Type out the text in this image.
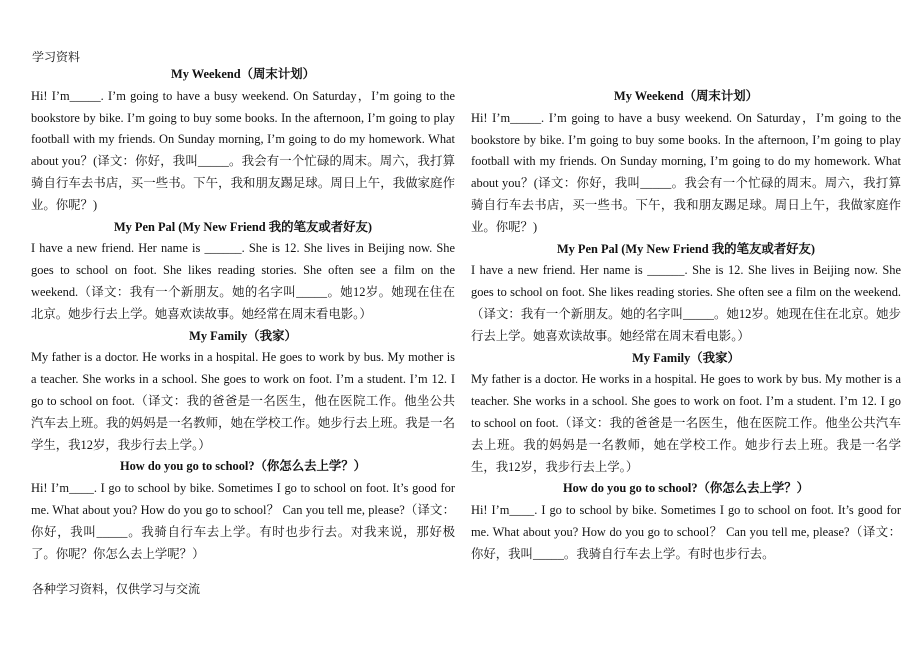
学习资料

My Weekend（周末计划）

Hi! I’m_____. I’m going to have a busy weekend. On Saturday，I’m going to the bookstore by bike. I’m going to buy some books. In the afternoon, I’m going to play football with my friends. On Sunday morning, I’m going to do my homework. What about you？(译文：你好，我叫_____。我会有一个忙碌的周末。周六，我打算骑自行车去书店，买一些书。下午，我和朋友踢足球。周日上午，我做家庭作业。你呢？)

My Pen Pal (My New Friend 我的笔友或者好友)

I have a new friend. Her name is ______. She is 12. She lives in Beijing now. She goes to school on foot. She likes reading stories. She often see a film on the weekend.（译文：我有一个新朋友。她的名字叫_____。她12岁。她现在住在北京。她步行去上学。她喜欢读故事。她经常在周末看电影。）

My Family（我家）

My father is a doctor. He works in a hospital. He goes to work by bus. My mother is a teacher. She works in a school. She goes to work on foot. I’m a student. I’m 12. I go to school on foot.（译文：我的爸爸是一名医生，他在医院工作。他坐公共汽车去上班。我的妈妈是一名教师，她在学校工作。她步行去上班。我是一名学生，我12岁，我步行去上学。）

How do you go to school?（你怎么去上学？）

Hi! I’m____. I go to school by bike. Sometimes I go to school on foot. It’s good for me. What about you? How do you go to school？ Can you tell me, please?（译文：你好，我叫_____。我骑自行车去上学。有时也步行去。对我来说，那好极了。你呢？你怎么去上学呢？）

My Weekend（周末计划）

Hi! I’m_____. I’m going to have a busy weekend. On Saturday，I’m going to the bookstore by bike. I’m going to buy some books. In the afternoon, I’m going to play football with my friends. On Sunday morning, I’m going to do my homework. What about you？(译文：你好，我叫_____。我会有一个忙碌的周末。周六，我打算骑自行车去书店，买一些书。下午，我和朋友踢足球。周日上午，我做家庭作业。你呢？)

My Pen Pal (My New Friend 我的笔友或者好友)

I have a new friend. Her name is ______. She is 12. She lives in Beijing now. She goes to school on foot. She likes reading stories. She often see a film on the weekend.（译文：我有一个新朋友。她的名字叫_____。她12岁。她现在住在北京。她步行去上学。她喜欢读故事。她经常在周末看电影。）

My Family（我家）

My father is a doctor. He works in a hospital. He goes to work by bus. My mother is a teacher. She works in a school. She goes to work on foot. I’m a student. I’m 12. I go to school on foot.（译文：我的爸爸是一名医生，他在医院工作。他坐公共汽车去上班。我的妈妈是一名教师，她在学校工作。她步行去上班。我是一名学生，我12岁，我步行去上学。）

How do you go to school?（你怎么去上学？）

Hi! I’m____. I go to school by bike. Sometimes I go to school on foot. It’s good for me. What about you? How do you go to school？ Can you tell me, please?（译文：你好，我叫_____。我骑自行车去上学。有时也步行去。

各种学习资料，仅供学习与交流
